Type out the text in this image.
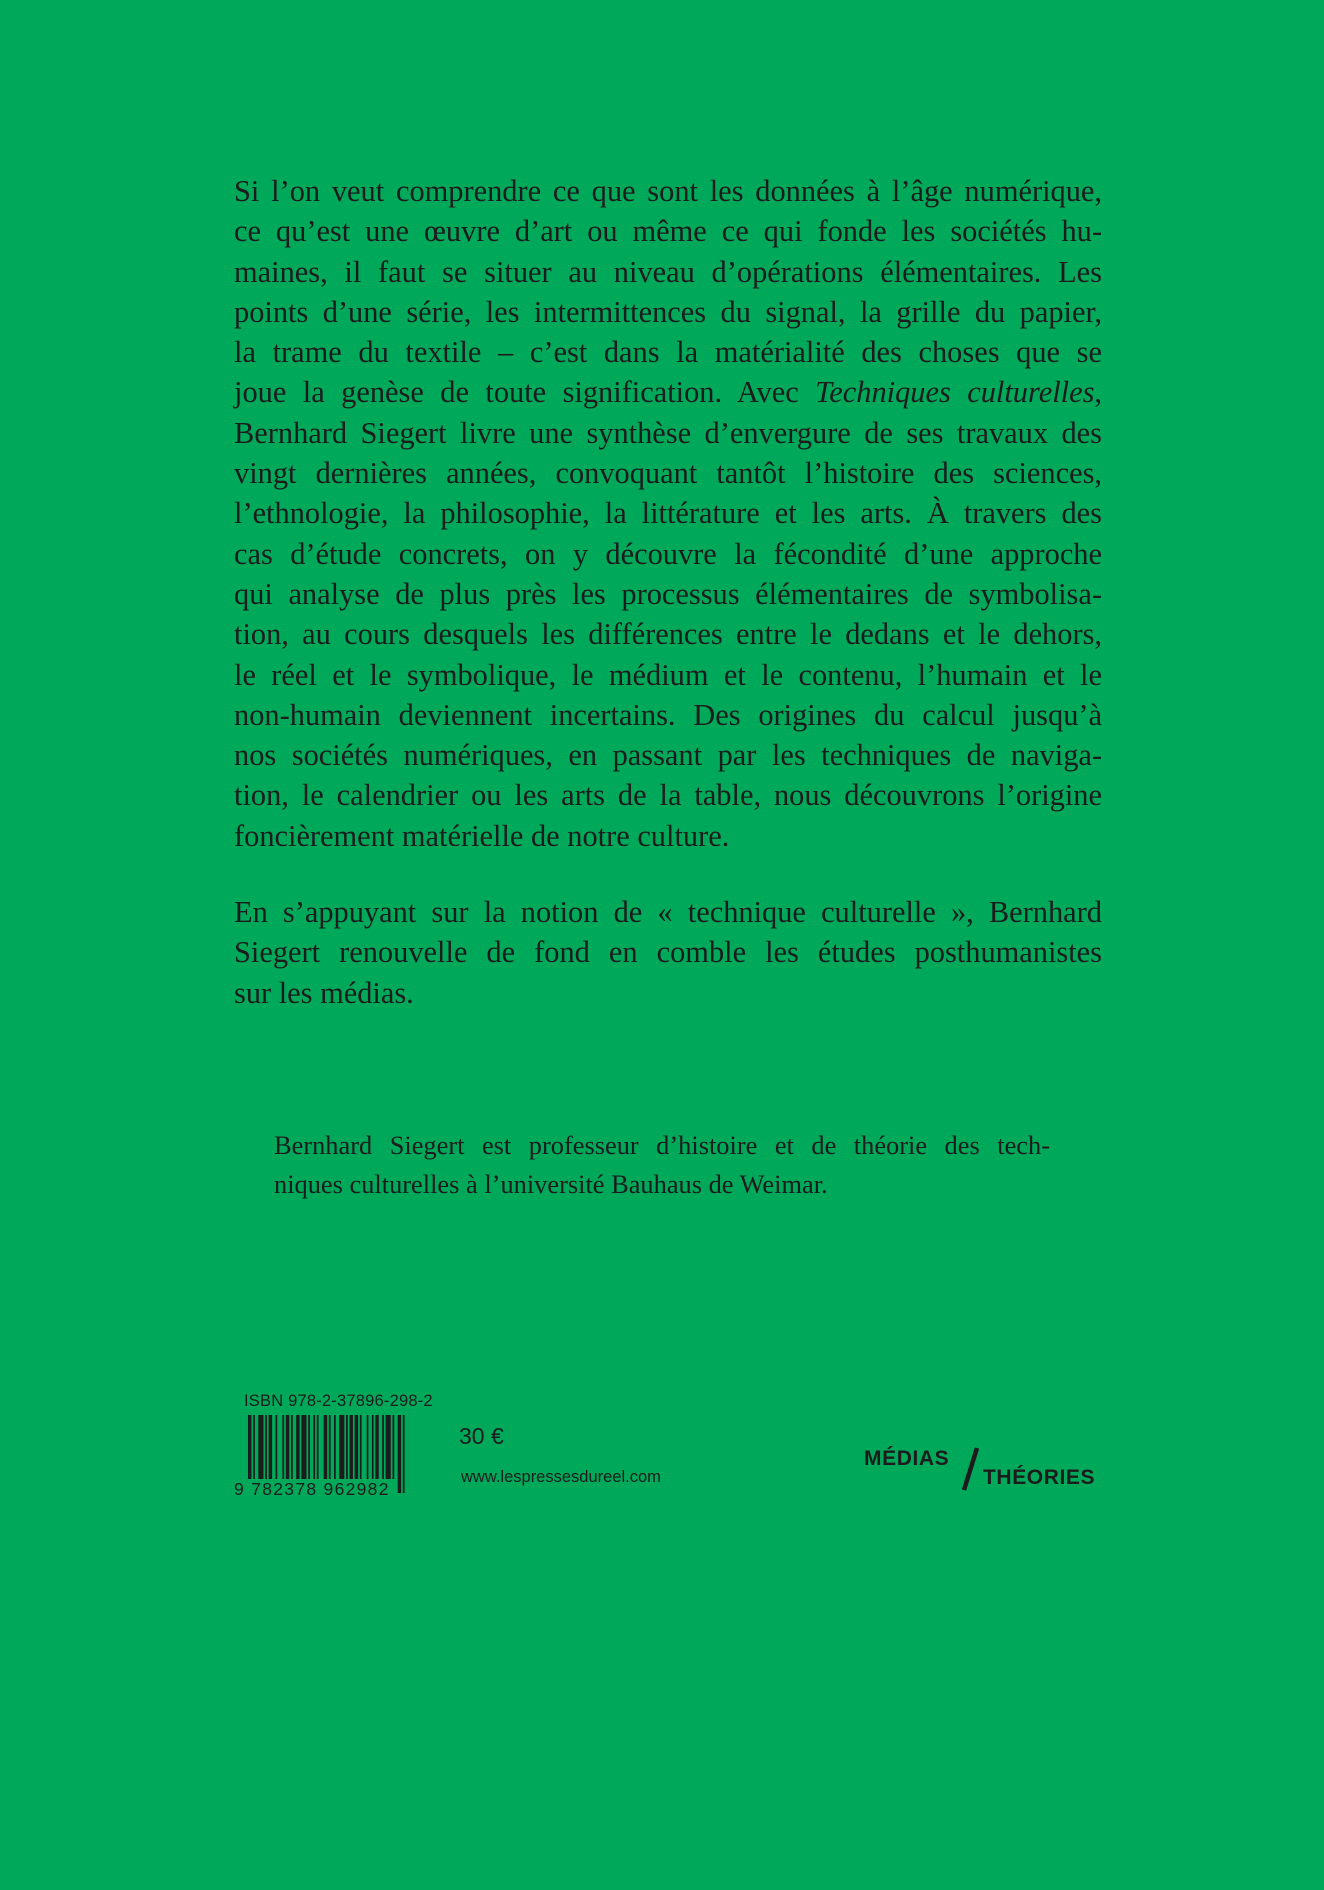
Si l’on veut comprendre ce que sont les données à l’âge numérique,
ce qu’est une œuvre d’art ou même ce qui fonde les sociétés hu-
maines, il faut se situer au niveau d’opérations élémentaires. Les
points d’une série, les intermittences du signal, la grille du papier,
la trame du textile – c’est dans la matérialité des choses que se
joue la genèse de toute signification. Avec Techniques culturelles,
Bernhard Siegert livre une synthèse d’envergure de ses travaux des
vingt dernières années, convoquant tantôt l’histoire des sciences,
l’ethnologie, la philosophie, la littérature et les arts. À travers des
cas d’étude concrets, on y découvre la fécondité d’une approche
qui analyse de plus près les processus élémentaires de symbolisa-
tion, au cours desquels les différences entre le dedans et le dehors,
le réel et le symbolique, le médium et le contenu, l’humain et le
non-humain deviennent incertains. Des origines du calcul jusqu’à
nos sociétés numériques, en passant par les techniques de naviga-
tion, le calendrier ou les arts de la table, nous découvrons l’origine
foncièrement matérielle de notre culture.
En s’appuyant sur la notion de « technique culturelle », Bernhard
Siegert renouvelle de fond en comble les études posthumanistes
sur les médias.
Bernhard Siegert est professeur d’histoire et de théorie des tech-
niques culturelles à l’université Bauhaus de Weimar.
ISBN 978-2-37896-298-2
9 782378 962982
30 €
www.lespressesdureel.com
MÉDIAS
THÉORIES
